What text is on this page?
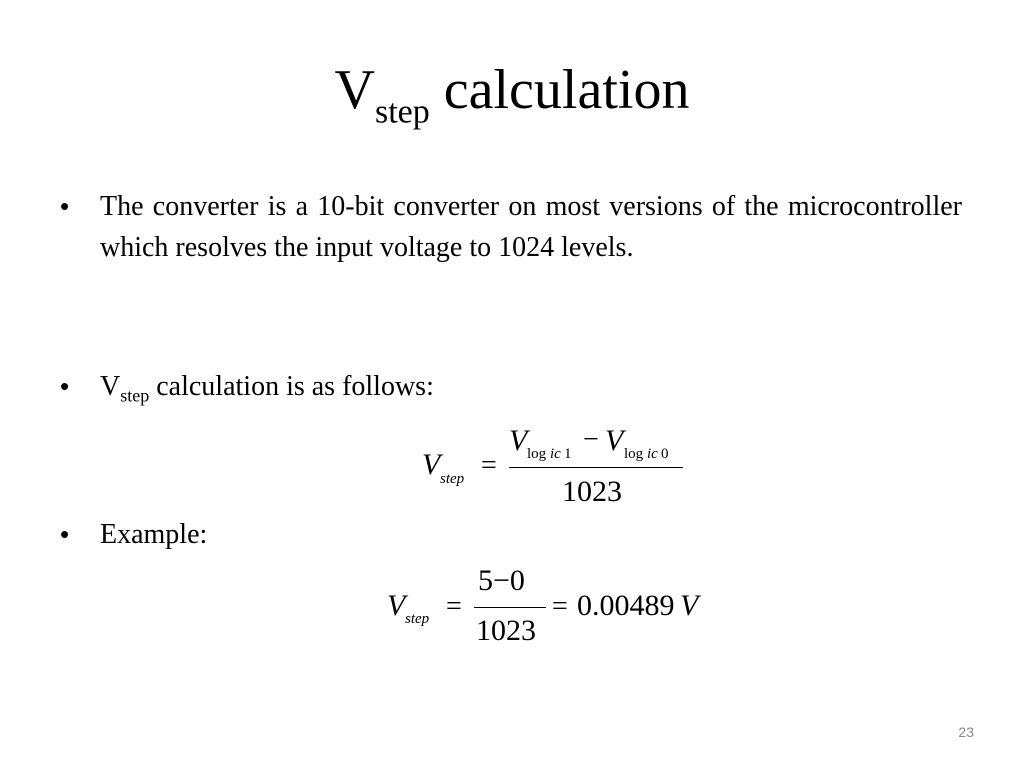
$V_{step}$ calculation
• The converter is a 10-bit converter on most versions of the microcontroller which resolves the input voltage to 1024 levels.
• $V_{step}$ calculation is as follows:
V step =
V log ic 1 − V log ic 0
1023
• Example:
V step =
5−0
1023
= 0.00489 V
23
